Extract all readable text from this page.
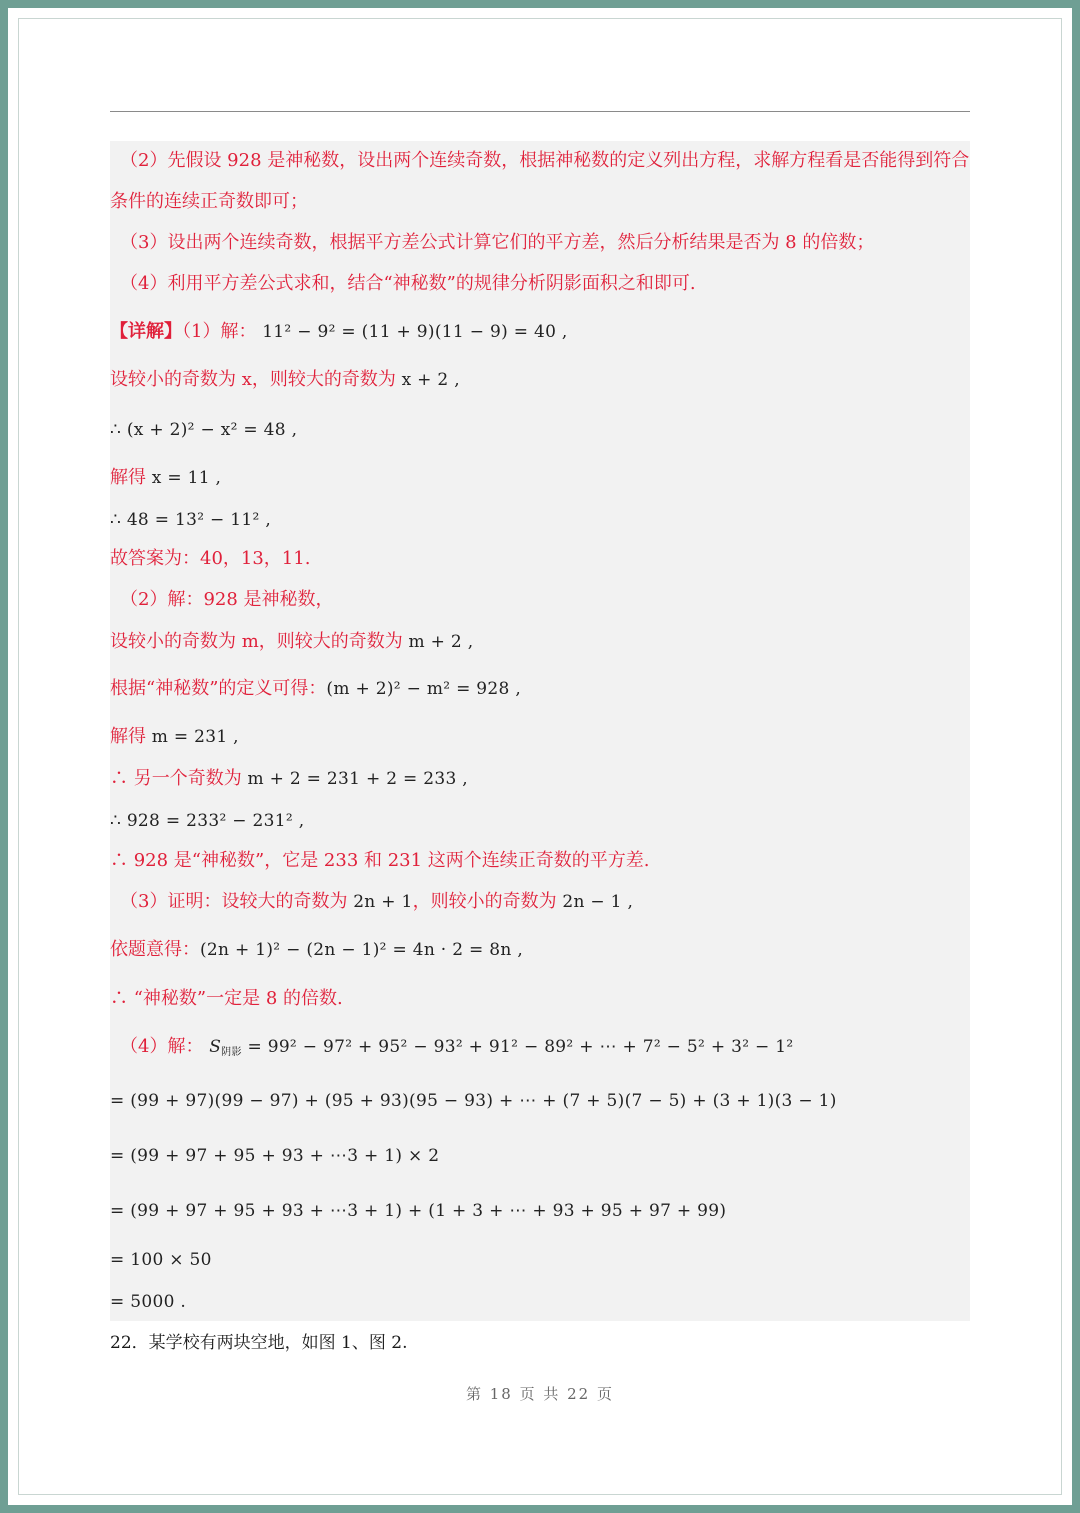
（2）先假设 928 是神秘数，设出两个连续奇数，根据神秘数的定义列出方程，求解方程看是否能得到符合
条件的连续正奇数即可；
（3）设出两个连续奇数，根据平方差公式计算它们的平方差，然后分析结果是否为 8 的倍数；
（4）利用平方差公式求和，结合“神秘数”的规律分析阴影面积之和即可.
【详解】（1）解： 11² − 9² = (11 + 9)(11 − 9) = 40 ,
设较小的奇数为 x，则较大的奇数为 x + 2 ,
∴ (x + 2)² − x² = 48 ,
解得 x = 11 ,
∴ 48 = 13² − 11² ,
故答案为：40，13，11.
（2）解：928 是神秘数，
设较小的奇数为 m，则较大的奇数为 m + 2 ,
根据“神秘数”的定义可得：(m + 2)² − m² = 928 ,
解得 m = 231 ,
∴ 另一个奇数为 m + 2 = 231 + 2 = 233 ,
∴ 928 = 233² − 231² ,
∴ 928 是“神秘数”，它是 233 和 231 这两个连续正奇数的平方差.
（3）证明：设较大的奇数为 2n + 1，则较小的奇数为 2n − 1 ,
依题意得：(2n + 1)² − (2n − 1)² = 4n · 2 = 8n ,
∴ “神秘数”一定是 8 的倍数.
（4）解： $S_{阴影} = 99^2 - 97^2 + 95^2 - 93^2 + 91^2 - 89^2$ + ⋯ + 7² − 5² + 3² − 1²
= (99 + 97)(99 − 97) + (95 + 93)(95 − 93) + ⋯ + (7 + 5)(7 − 5) + (3 + 1)(3 − 1)
= (99 + 97 + 95 + 93 + ⋯3 + 1) × 2
= (99 + 97 + 95 + 93 + ⋯3 + 1) + (1 + 3 + ⋯ + 93 + 95 + 97 + 99)
= 100 × 50
= 5000 .
22．某学校有两块空地，如图 1、图 2.
第 18 页 共 22 页
